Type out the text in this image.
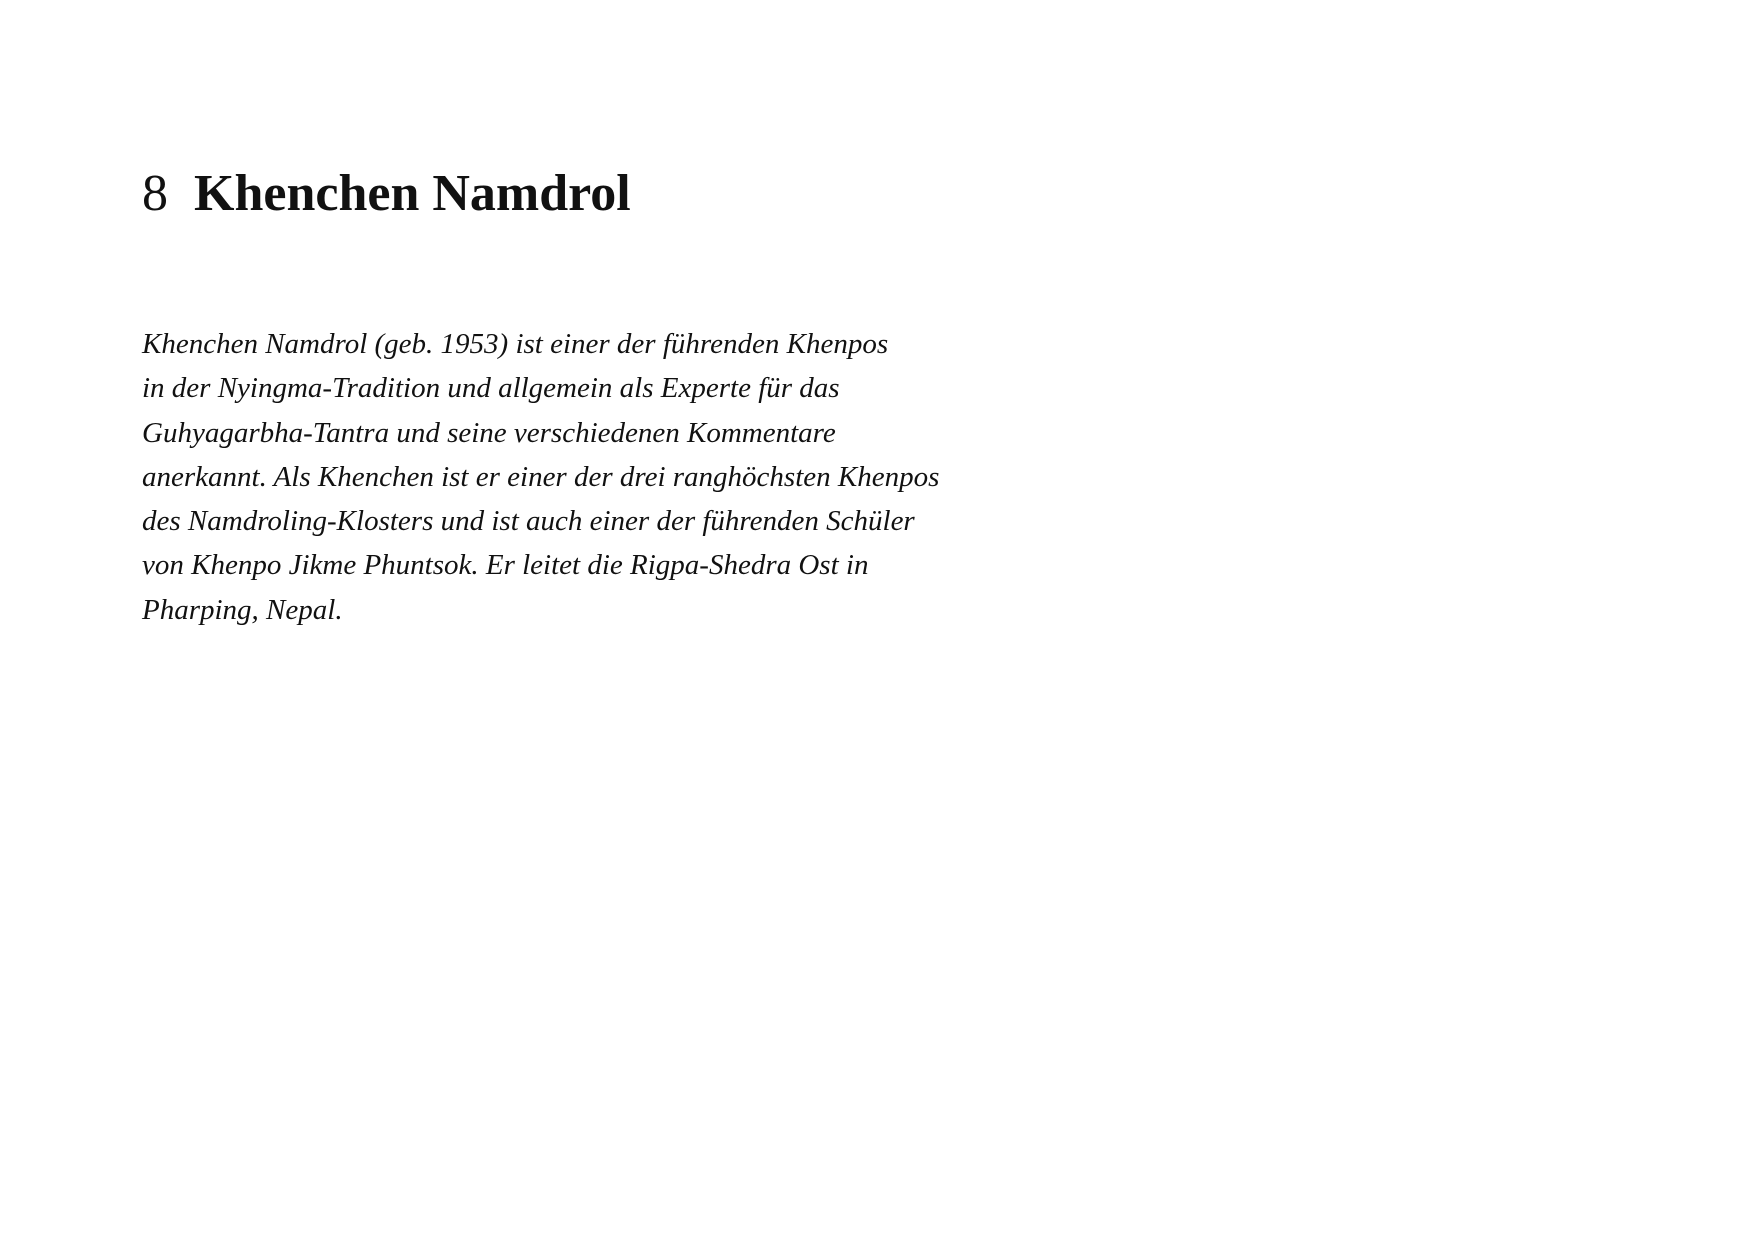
8 Khenchen Namdrol

Khenchen Namdrol (geb. 1953) ist einer der führenden Khenpos
in der Nyingma-Tradition und allgemein als Experte für das
Guhyagarbha-Tantra und seine verschiedenen Kommentare
anerkannt. Als Khenchen ist er einer der drei ranghöchsten Khenpos
des Namdroling-Klosters und ist auch einer der führenden Schüler
von Khenpo Jikme Phuntsok. Er leitet die Rigpa-Shedra Ost in
Pharping, Nepal.
